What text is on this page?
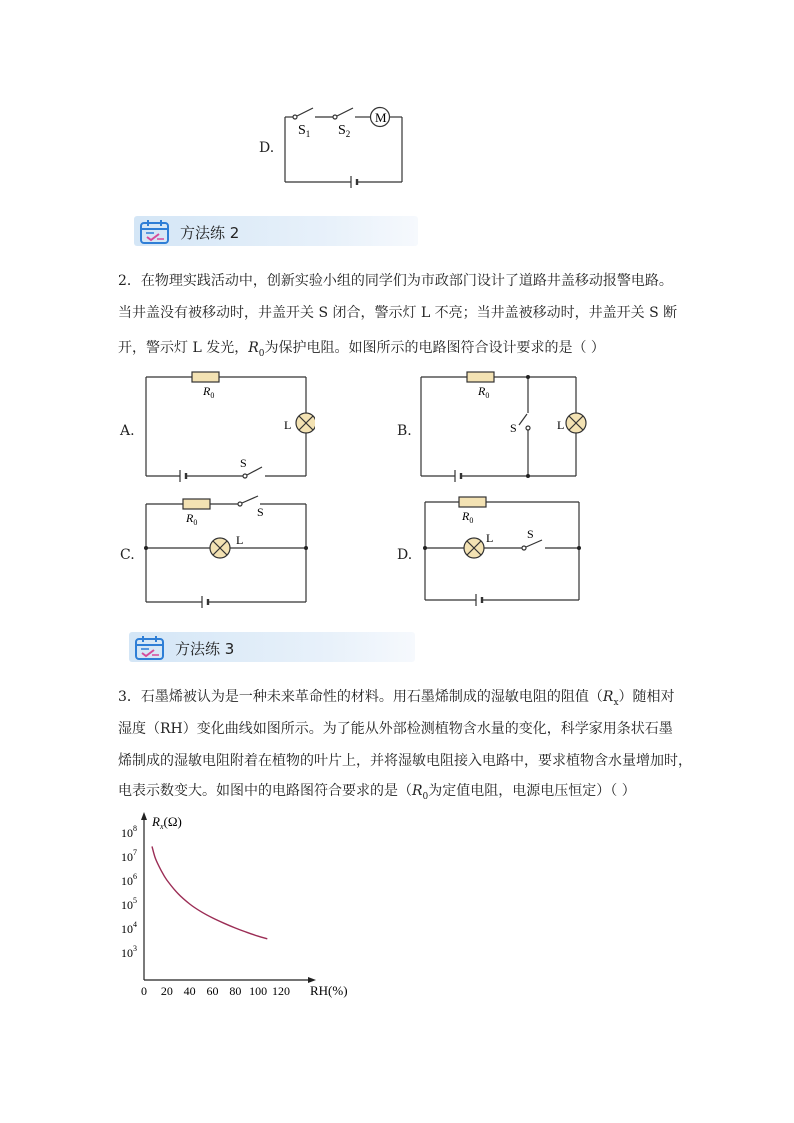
D.
M
$S_1$ $S_2$
方法练 2
2．在物理实践活动中，创新实验小组的同学们为市政部门设计了道路井盖移动报警电路。
当井盖没有被移动时，井盖开关 S 闭合，警示灯 L 不亮；当井盖被移动时，井盖开关 S 断
开，警示灯 L 发光，$R_0$为保护电阻。如图所示的电路图符合设计要求的是（ ）
A.
$R_0$
L
S
B.
$R_0$
L
S
C.
$R_0$
L
S
D.
$R_0$
L	S
方法练 3
3．石墨烯被认为是一种未来革命性的材料。用石墨烯制成的湿敏电阻的阻值$(R_x)$随相对
湿度（RH）变化曲线如图所示。为了能从外部检测植物含水量的变化，科学家用条状石墨
烯制成的湿敏电阻附着在植物的叶片上，并将湿敏电阻接入电路中，要求植物含水量增加时，
电表示数变大。如图中的电路图符合要求的是（$R_0$为定值电阻，电源电压恒定）（ ）
$R_x(\Omega)$
RH(%)
$10^3$
$10^4$
$10^5$
$10^6$
$10^7$
$10^8$
0 20 40 60 80 100 120
